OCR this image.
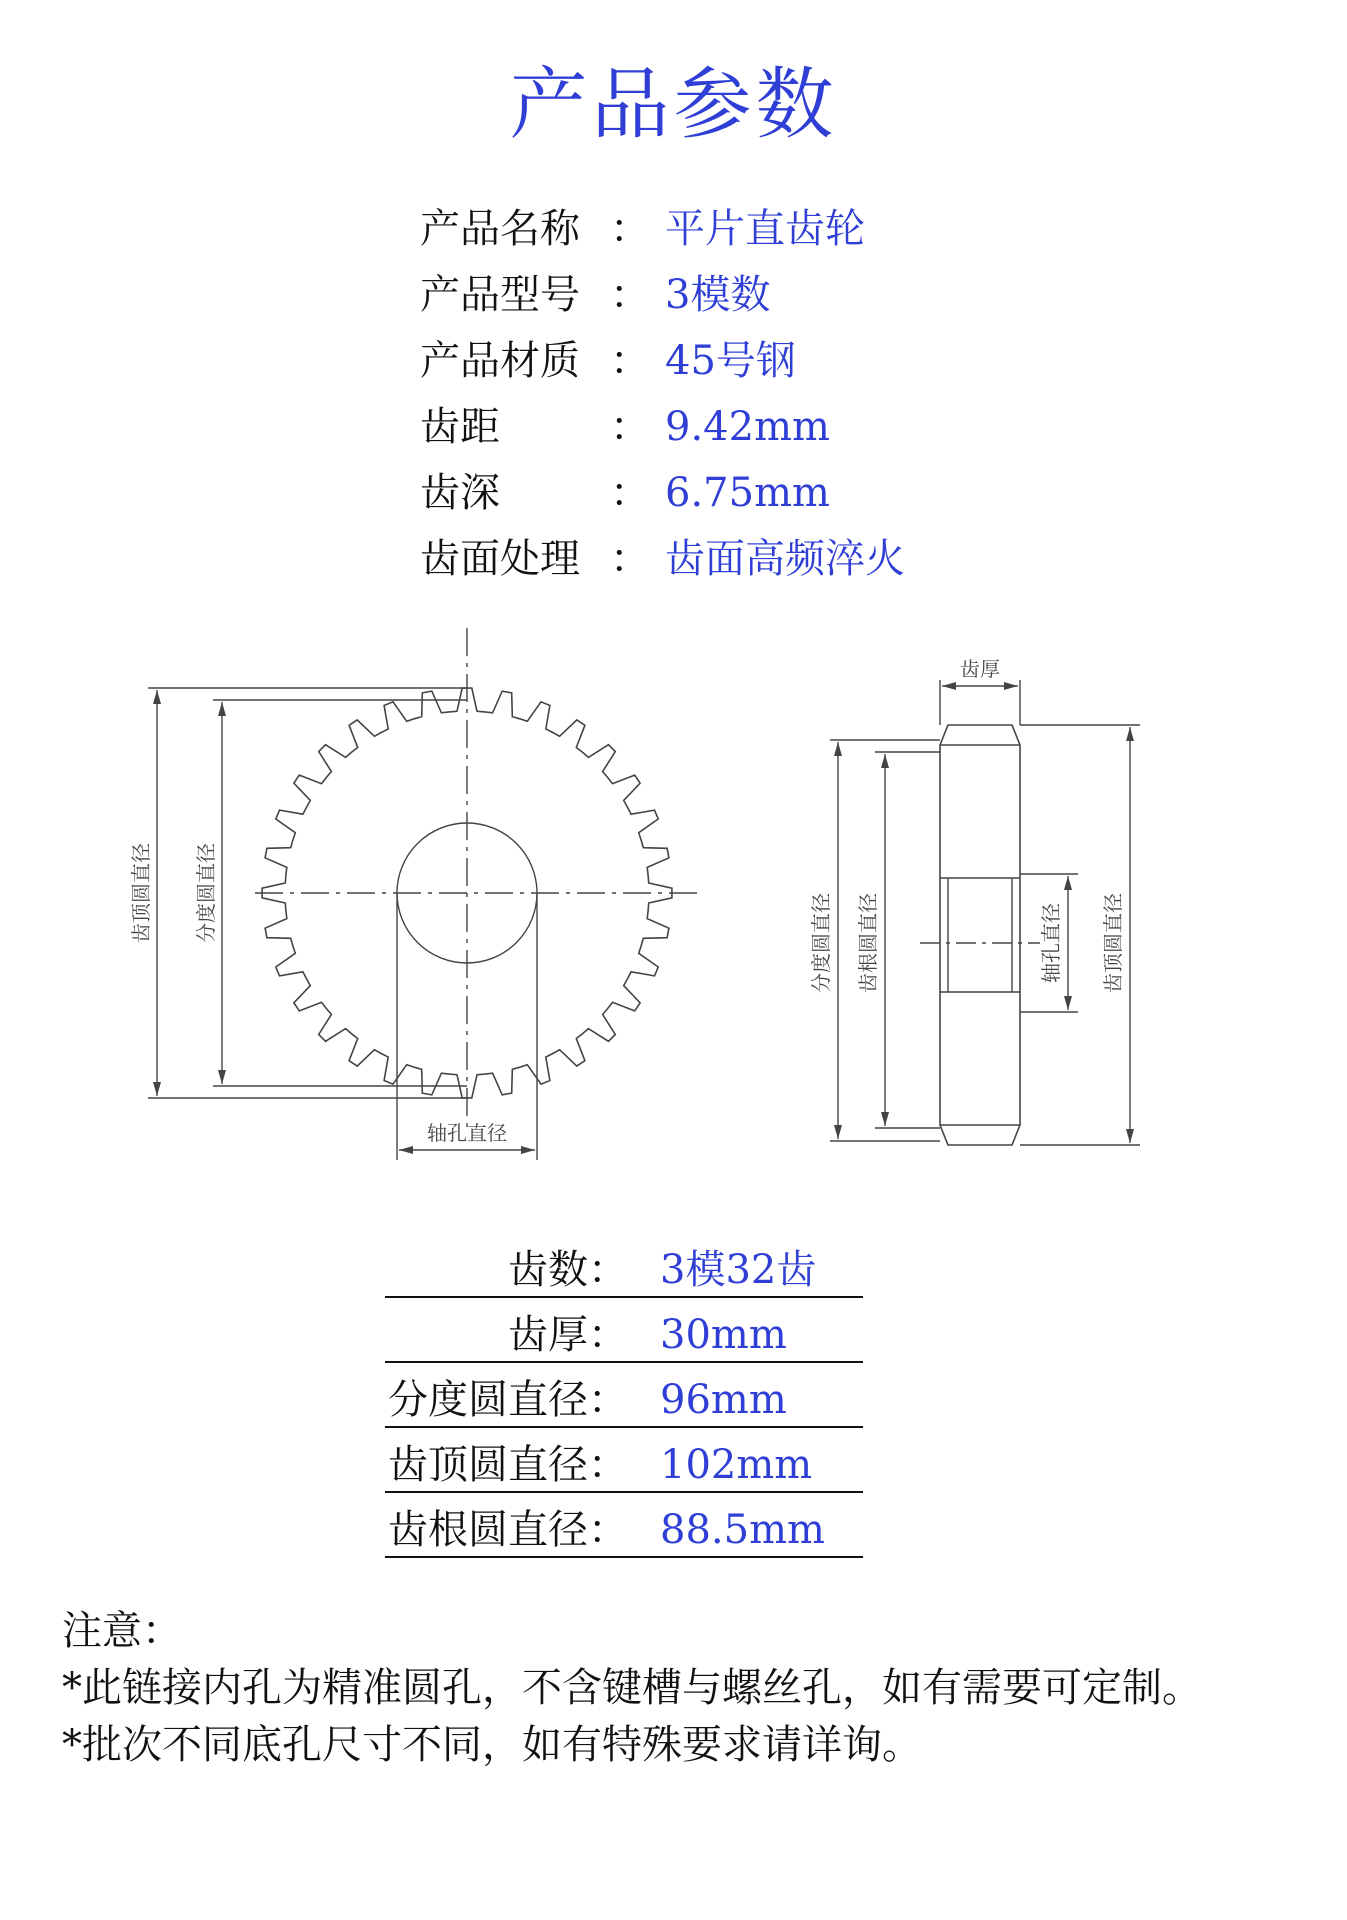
产品参数
产品名称 ： 平片直齿轮
产品型号 ： 3模数
产品材质 ： 45号钢
齿距	： 9.42mm
齿深	： 6.75mm
齿面处理 ： 齿面高频淬火
齿顶圆直径 分度圆直径
轴孔直径
齿厚
分度圆直径 齿根圆直径	轴孔直径 齿顶圆直径
齿数： 3模32齿
齿厚： 30mm
分度圆直径： 96mm
齿顶圆直径： 102mm
齿根圆直径： 88.5mm
注意：
*此链接内孔为精准圆孔，不含键槽与螺丝孔，如有需要可定制。
*批次不同底孔尺寸不同，如有特殊要求请详询。
